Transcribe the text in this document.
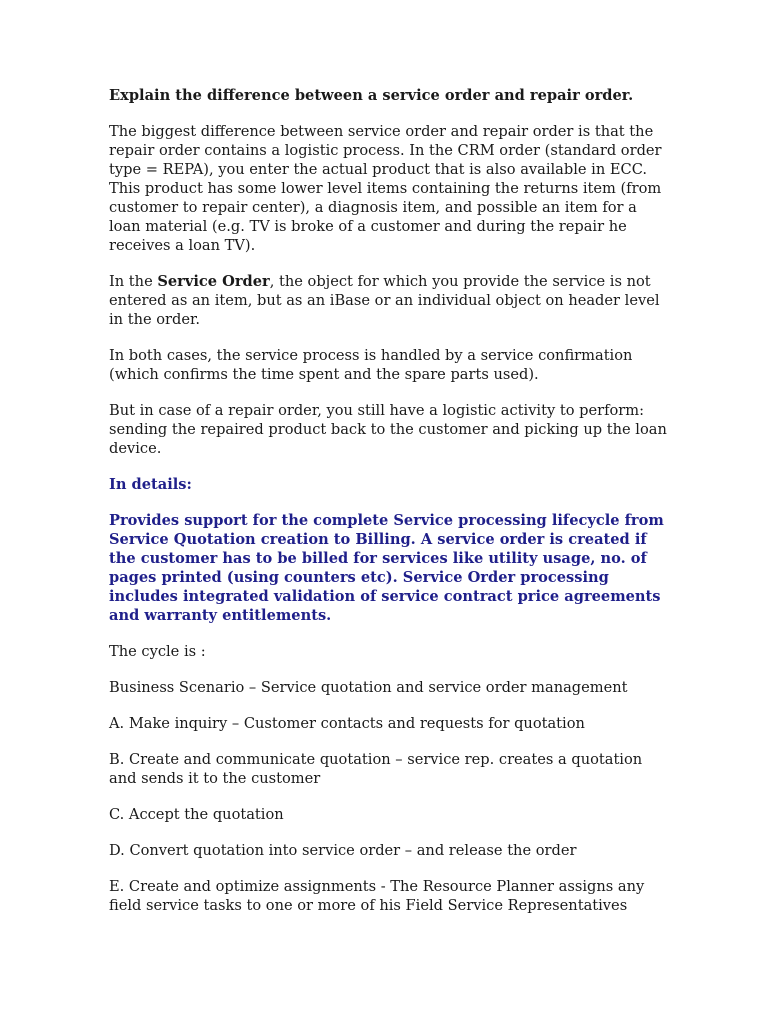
Explain the difference between a service order and repair order.

The biggest difference between service order and repair order is that the repair order contains a logistic process. In the CRM order (standard order type = REPA), you enter the actual product that is also available in ECC. This product has some lower level items containing the returns item (from customer to repair center), a diagnosis item, and possible an item for a loan material (e.g. TV is broke of a customer and during the repair he receives a loan TV).

In the Service Order, the object for which you provide the service is not entered as an item, but as an iBase or an individual object on header level in the order.

In both cases, the service process is handled by a service confirmation (which confirms the time spent and the spare parts used).

But in case of a repair order, you still have a logistic activity to perform: sending the repaired product back to the customer and picking up the loan device.

In details:

Provides support for the complete Service processing lifecycle from Service Quotation creation to Billing. A service order is created if the customer has to be billed for services like utility usage, no. of pages printed (using counters etc). Service Order processing includes integrated validation of service contract price agreements and warranty entitlements.

The cycle is :

Business Scenario – Service quotation and service order management

A. Make inquiry – Customer contacts and requests for quotation

B. Create and communicate quotation – service rep. creates a quotation and sends it to the customer

C. Accept the quotation

D. Convert quotation into service order – and release the order

E. Create and optimize assignments - The Resource Planner assigns any field service tasks to one or more of his Field Service Representatives
